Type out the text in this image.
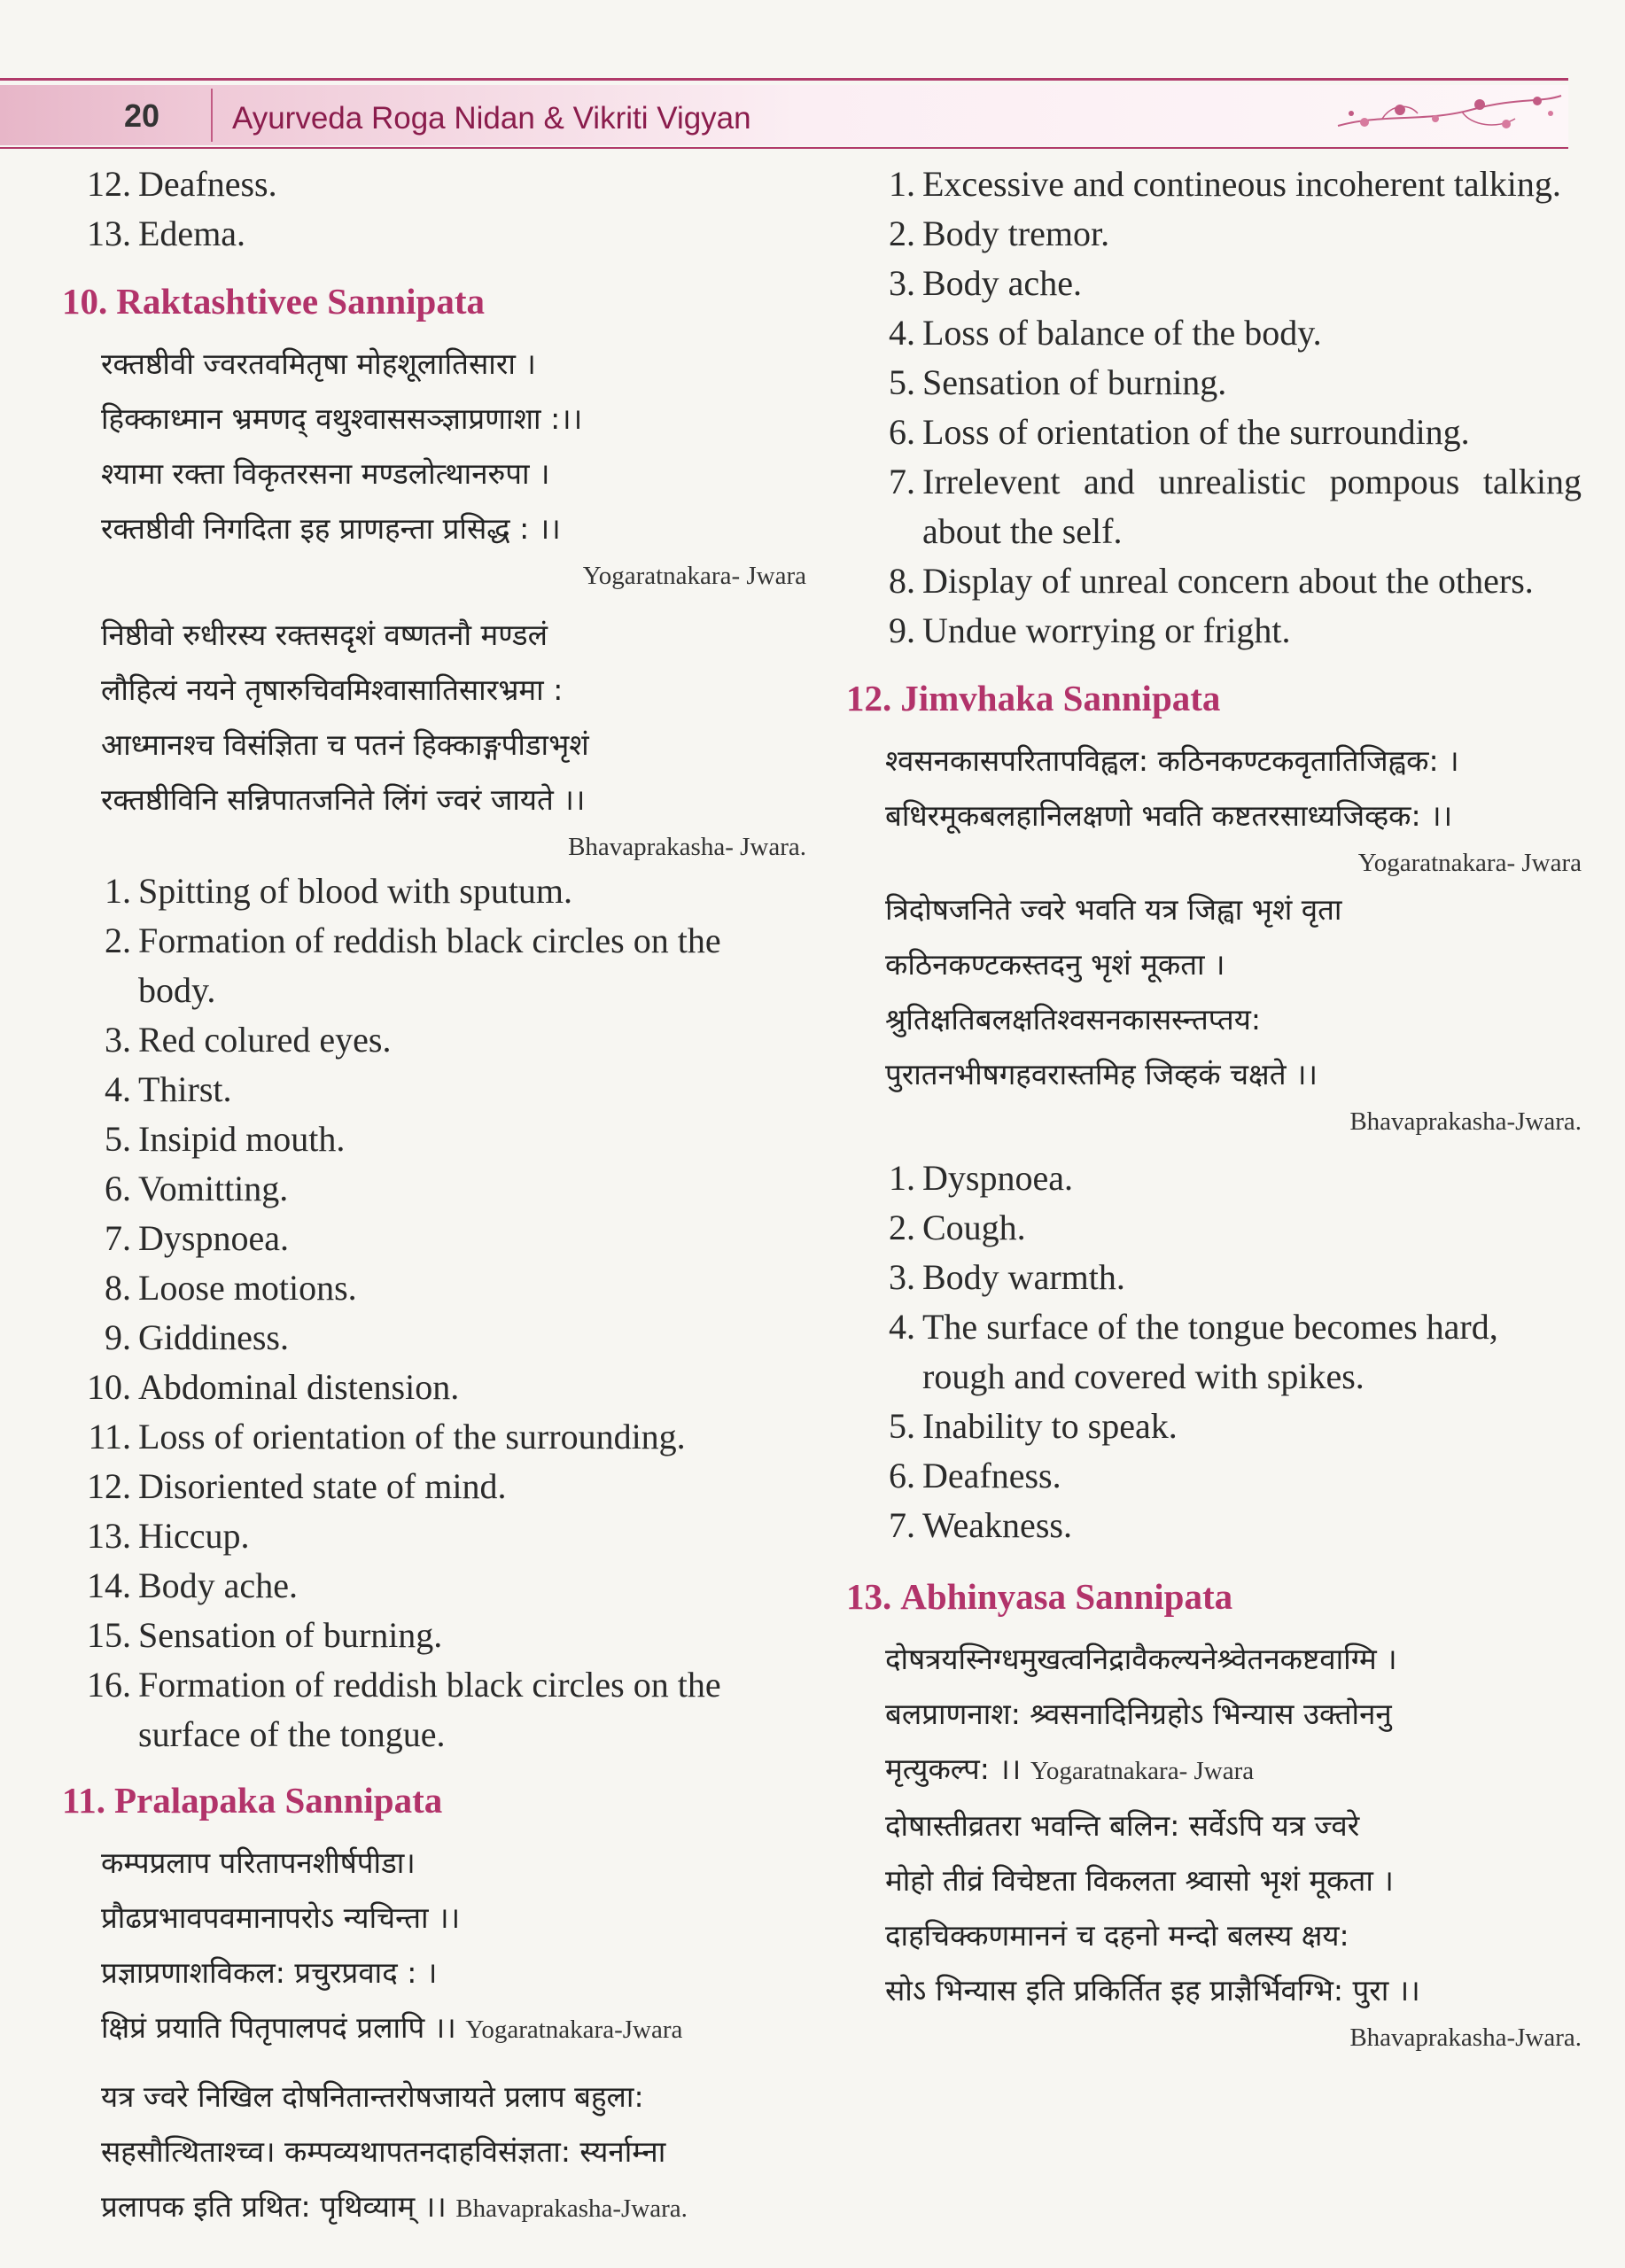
20 Ayurveda Roga Nidan & Vikriti Vigyan
12. Deafness.
13. Edema.
10. Raktashtivee Sannipata
रक्तष्ठीवी ज्वरतवमितृषा मोहशूलातिसारा ।
हिक्काध्मान भ्रमणद् वथुश्वाससञ्ज्ञाप्रणाशा :।।
श्यामा रक्ता विकृतरसना मण्डलोत्थानरुपा ।
रक्तष्ठीवी निगदिता इह प्राणहन्ता प्रसिद्ध : ।।
Yogaratnakara- Jwara
निष्ठीवो रुधीरस्य रक्तसदृशं वष्णतनौ मण्डलं
लौहित्यं नयने तृषारुचिवमिश्वासातिसारभ्रमा :
आध्मानश्च विसंज्ञिता च पतनं हिक्काङ्गपीडाभृशं
रक्तष्ठीविनि सन्निपातजनिते लिंगं ज्वरं जायते ।।
Bhavaprakasha- Jwara.
1. Spitting of blood with sputum.
2. Formation of reddish black circles on the body.
3. Red colured eyes.
4. Thirst.
5. Insipid mouth.
6. Vomitting.
7. Dyspnoea.
8. Loose motions.
9. Giddiness.
10. Abdominal distension.
11. Loss of orientation of the surrounding.
12. Disoriented state of mind.
13. Hiccup.
14. Body ache.
15. Sensation of burning.
16. Formation of reddish black circles on the surface of the tongue.
11. Pralapaka Sannipata
कम्पप्रलाप परितापनशीर्षपीडा।
प्रौढप्रभावपवमानापरोऽ न्यचिन्ता ।।
प्रज्ञाप्रणाशविकल: प्रचुरप्रवाद : ।
क्षिप्रं प्रयाति पितृपालपदं प्रलापि ।। Yogaratnakara-Jwara
यत्र ज्वरे निखिल दोषनितान्तरोषजायते प्रलाप बहुला:
सहसौत्थिताश्च्व। कम्पव्यथापतनदाहविसंज्ञता: स्यर्नाम्ना
प्रलापक इति प्रथित: पृथिव्याम् ।। Bhavaprakasha-Jwara.
1. Excessive and contineous incoherent talking.
2. Body tremor.
3. Body ache.
4. Loss of balance of the body.
5. Sensation of burning.
6. Loss of orientation of the surrounding.
7. Irrelevent and unrealistic pompous talking about the self.
8. Display of unreal concern about the others.
9. Undue worrying or fright.
12. Jimvhaka Sannipata
श्वसनकासपरितापविह्वल: कठिनकण्टकवृतातिजिह्वक: ।
बधिरमूकबलहानिलक्षणो भवति कष्टतरसाध्यजिव्हक: ।।
Yogaratnakara- Jwara
त्रिदोषजनिते ज्वरे भवति यत्र जिह्वा भृशं वृता
कठिनकण्टकस्तदनु भृशं मूकता ।
श्रुतिक्षतिबलक्षतिश्वसनकासस्न्तप्तय:
पुरातनभीषगहवरास्तमिह जिव्हकं चक्षते ।।
Bhavaprakasha-Jwara.
1. Dyspnoea.
2. Cough.
3. Body warmth.
4. The surface of the tongue becomes hard, rough and covered with spikes.
5. Inability to speak.
6. Deafness.
7. Weakness.
13. Abhinyasa Sannipata
दोषत्रयस्निग्धमुखत्वनिद्रावैकल्यनेश्र्वेतनकष्टवाग्मि ।
बलप्राणनाश: श्र्वसनादिनिग्रहोऽ भिन्यास उक्तोननु
मृत्युकल्प: ।। Yogaratnakara- Jwara
दोषास्तीव्रतरा भवन्ति बलिन: सर्वेऽपि यत्र ज्वरे
मोहो तीव्रं विचेष्टता विकलता श्र्वासो भृशं मूकता ।
दाहचिक्कणमाननं च दहनो मन्दो बलस्य क्षय:
सोऽ भिन्यास इति प्रकिर्तित इह प्राज्ञैर्भिवग्भि: पुरा ।।
Bhavaprakasha-Jwara.
